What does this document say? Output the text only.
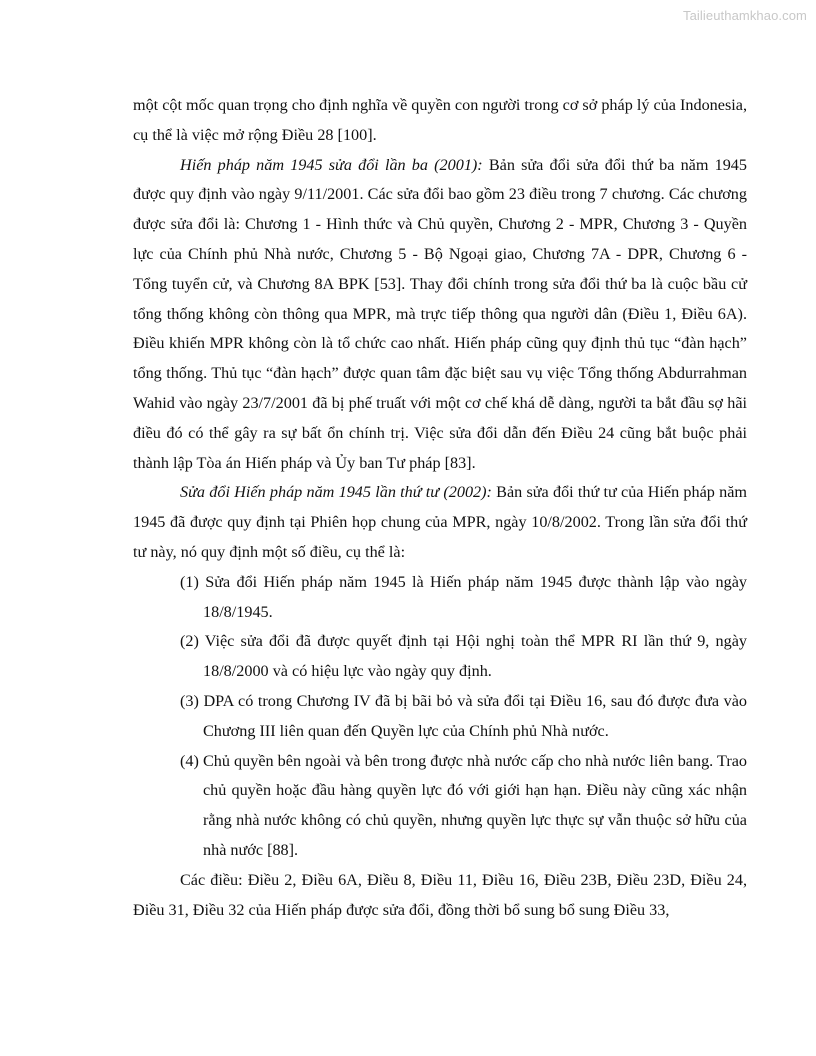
Tailieuthamkhao.com

một cột mốc quan trọng cho định nghĩa về quyền con người trong cơ sở pháp lý của Indonesia, cụ thể là việc mở rộng Điều 28 [100].

Hiến pháp năm 1945 sửa đổi lần ba (2001): Bản sửa đổi sửa đổi thứ ba năm 1945 được quy định vào ngày 9/11/2001. Các sửa đổi bao gồm 23 điều trong 7 chương. Các chương được sửa đổi là: Chương 1 - Hình thức và Chủ quyền, Chương 2 - MPR, Chương 3 - Quyền lực của Chính phủ Nhà nước, Chương 5 - Bộ Ngoại giao, Chương 7A - DPR, Chương 6 - Tổng tuyển cử, và Chương 8A BPK [53]. Thay đổi chính trong sửa đổi thứ ba là cuộc bầu cử tổng thống không còn thông qua MPR, mà trực tiếp thông qua người dân (Điều 1, Điều 6A). Điều khiến MPR không còn là tổ chức cao nhất. Hiến pháp cũng quy định thủ tục “đàn hạch” tổng thống. Thủ tục “đàn hạch” được quan tâm đặc biệt sau vụ việc Tổng thống Abdurrahman Wahid vào ngày 23/7/2001 đã bị phế truất với một cơ chế khá dễ dàng, người ta bắt đầu sợ hãi điều đó có thể gây ra sự bất ổn chính trị. Việc sửa đổi dẫn đến Điều 24 cũng bắt buộc phải thành lập Tòa án Hiến pháp và Ủy ban Tư pháp [83].

Sửa đổi Hiến pháp năm 1945 lần thứ tư (2002): Bản sửa đổi thứ tư của Hiến pháp năm 1945 đã được quy định tại Phiên họp chung của MPR, ngày 10/8/2002. Trong lần sửa đổi thứ tư này, nó quy định một số điều, cụ thể là:

(1) Sửa đổi Hiến pháp năm 1945 là Hiến pháp năm 1945 được thành lập vào ngày 18/8/1945.

(2) Việc sửa đổi đã được quyết định tại Hội nghị toàn thể MPR RI lần thứ 9, ngày 18/8/2000 và có hiệu lực vào ngày quy định.

(3) DPA có trong Chương IV đã bị bãi bỏ và sửa đổi tại Điều 16, sau đó được đưa vào Chương III liên quan đến Quyền lực của Chính phủ Nhà nước.

(4) Chủ quyền bên ngoài và bên trong được nhà nước cấp cho nhà nước liên bang. Trao chủ quyền hoặc đầu hàng quyền lực đó với giới hạn hạn. Điều này cũng xác nhận rằng nhà nước không có chủ quyền, nhưng quyền lực thực sự vẫn thuộc sở hữu của nhà nước [88].

Các điều: Điều 2, Điều 6A, Điều 8, Điều 11, Điều 16, Điều 23B, Điều 23D, Điều 24, Điều 31, Điều 32 của Hiến pháp được sửa đổi, đồng thời bổ sung bổ sung Điều 33,
